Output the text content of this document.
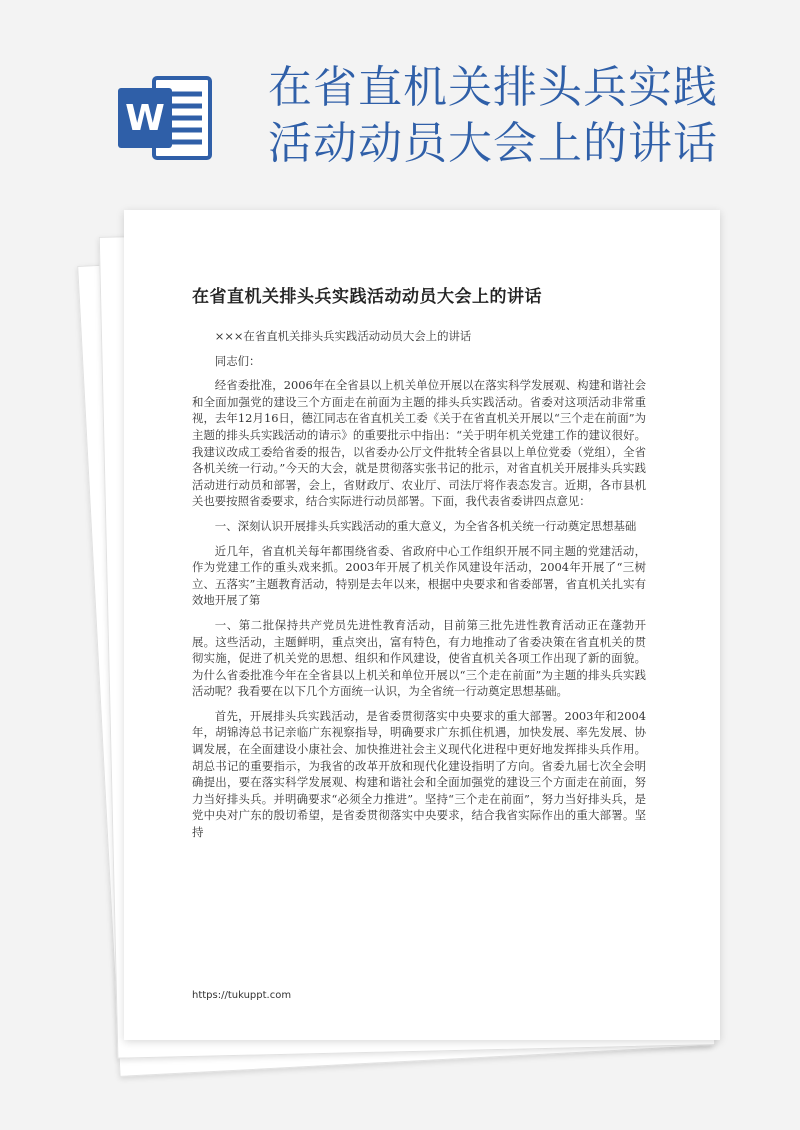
W
在省直机关排头兵实践
活动动员大会上的讲话
在省直机关排头兵实践活动动员大会上的讲话

×××在省直机关排头兵实践活动动员大会上的讲话

同志们：

经省委批准，2006年在全省县以上机关单位开展以在落实科学发展观、构建和谐社会和全面加强党的建设三个方面走在前面为主题的排头兵实践活动。省委对这项活动非常重视，去年12月16日，德江同志在省直机关工委《关于在省直机关开展以“三个走在前面”为主题的排头兵实践活动的请示》的重要批示中指出：“关于明年机关党建工作的建议很好。我建议改成工委给省委的报告，以省委办公厅文件批转全省县以上单位党委（党组），全省各机关统一行动。”今天的大会，就是贯彻落实张书记的批示，对省直机关开展排头兵实践活动进行动员和部署，会上，省财政厅、农业厅、司法厅将作表态发言。近期，各市县机关也要按照省委要求，结合实际进行动员部署。下面，我代表省委讲四点意见：

一、深刻认识开展排头兵实践活动的重大意义，为全省各机关统一行动奠定思想基础

近几年，省直机关每年都围绕省委、省政府中心工作组织开展不同主题的党建活动，作为党建工作的重头戏来抓。2003年开展了机关作风建设年活动，2004年开展了“三树立、五落实”主题教育活动，特别是去年以来，根据中央要求和省委部署，省直机关扎实有效地开展了第

一、第二批保持共产党员先进性教育活动，目前第三批先进性教育活动正在蓬勃开展。这些活动，主题鲜明，重点突出，富有特色，有力地推动了省委决策在省直机关的贯彻实施，促进了机关党的思想、组织和作风建设，使省直机关各项工作出现了新的面貌。为什么省委批准今年在全省县以上机关和单位开展以“三个走在前面”为主题的排头兵实践活动呢？我看要在以下几个方面统一认识，为全省统一行动奠定思想基础。

首先，开展排头兵实践活动，是省委贯彻落实中央要求的重大部署。2003年和2004年，胡锦涛总书记亲临广东视察指导，明确要求广东抓住机遇，加快发展、率先发展、协调发展，在全面建设小康社会、加快推进社会主义现代化进程中更好地发挥排头兵作用。胡总书记的重要指示，为我省的改革开放和现代化建设指明了方向。省委九届七次全会明确提出，要在落实科学发展观、构建和谐社会和全面加强党的建设三个方面走在前面，努力当好排头兵。并明确要求“必须全力推进”。坚持“三个走在前面”，努力当好排头兵，是党中央对广东的殷切希望，是省委贯彻落实中央要求，结合我省实际作出的重大部署。坚持

https://tukuppt.com
